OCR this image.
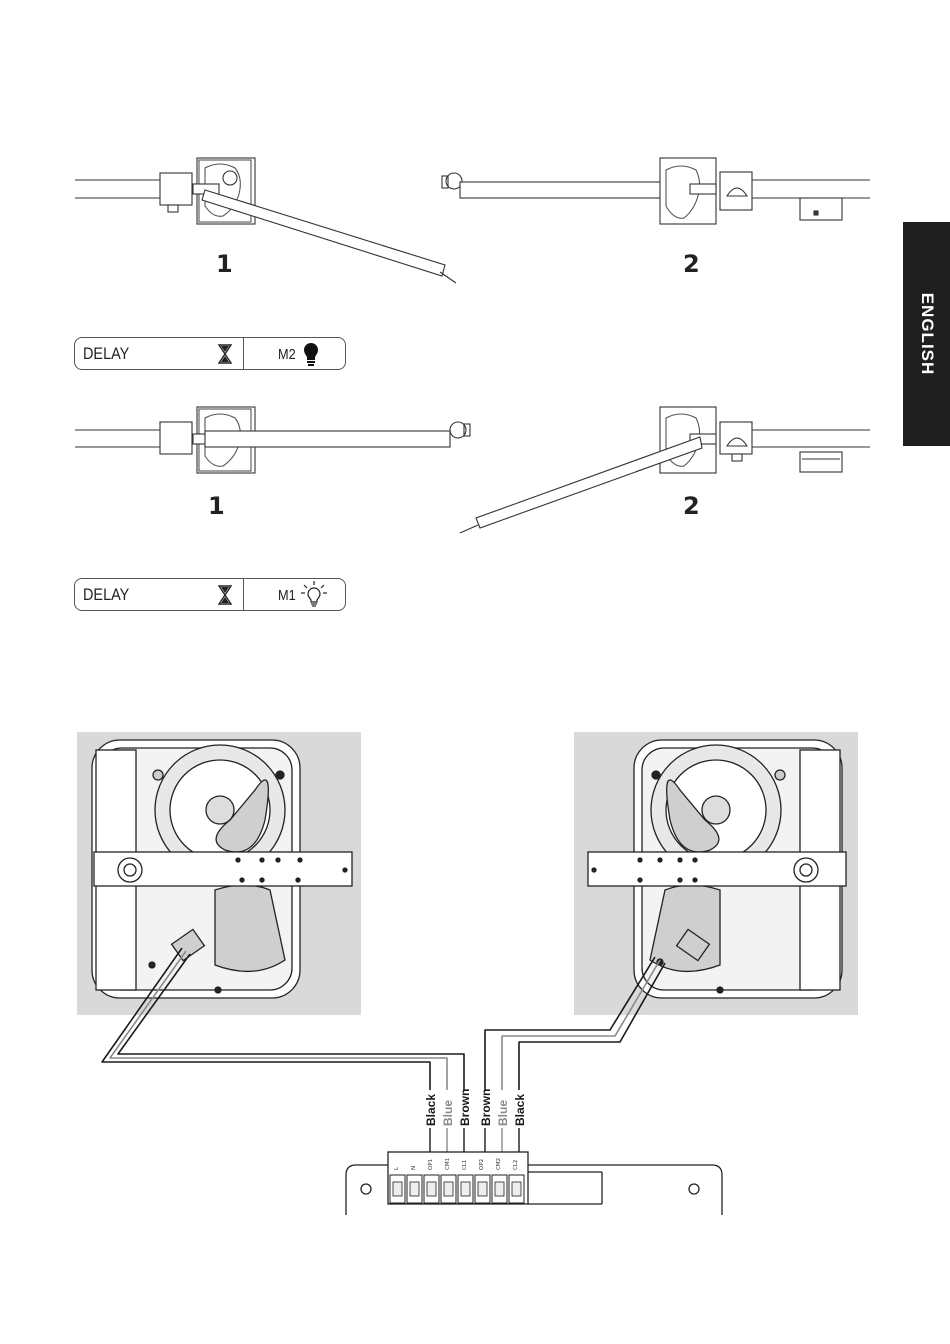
ENGLISH
1	2
DELAY	M2
1	2
DELAY	M1
Black Blue Brown Brown Blue Black
L N OP1 CM1 CL1 OP2 CM2 CL2
